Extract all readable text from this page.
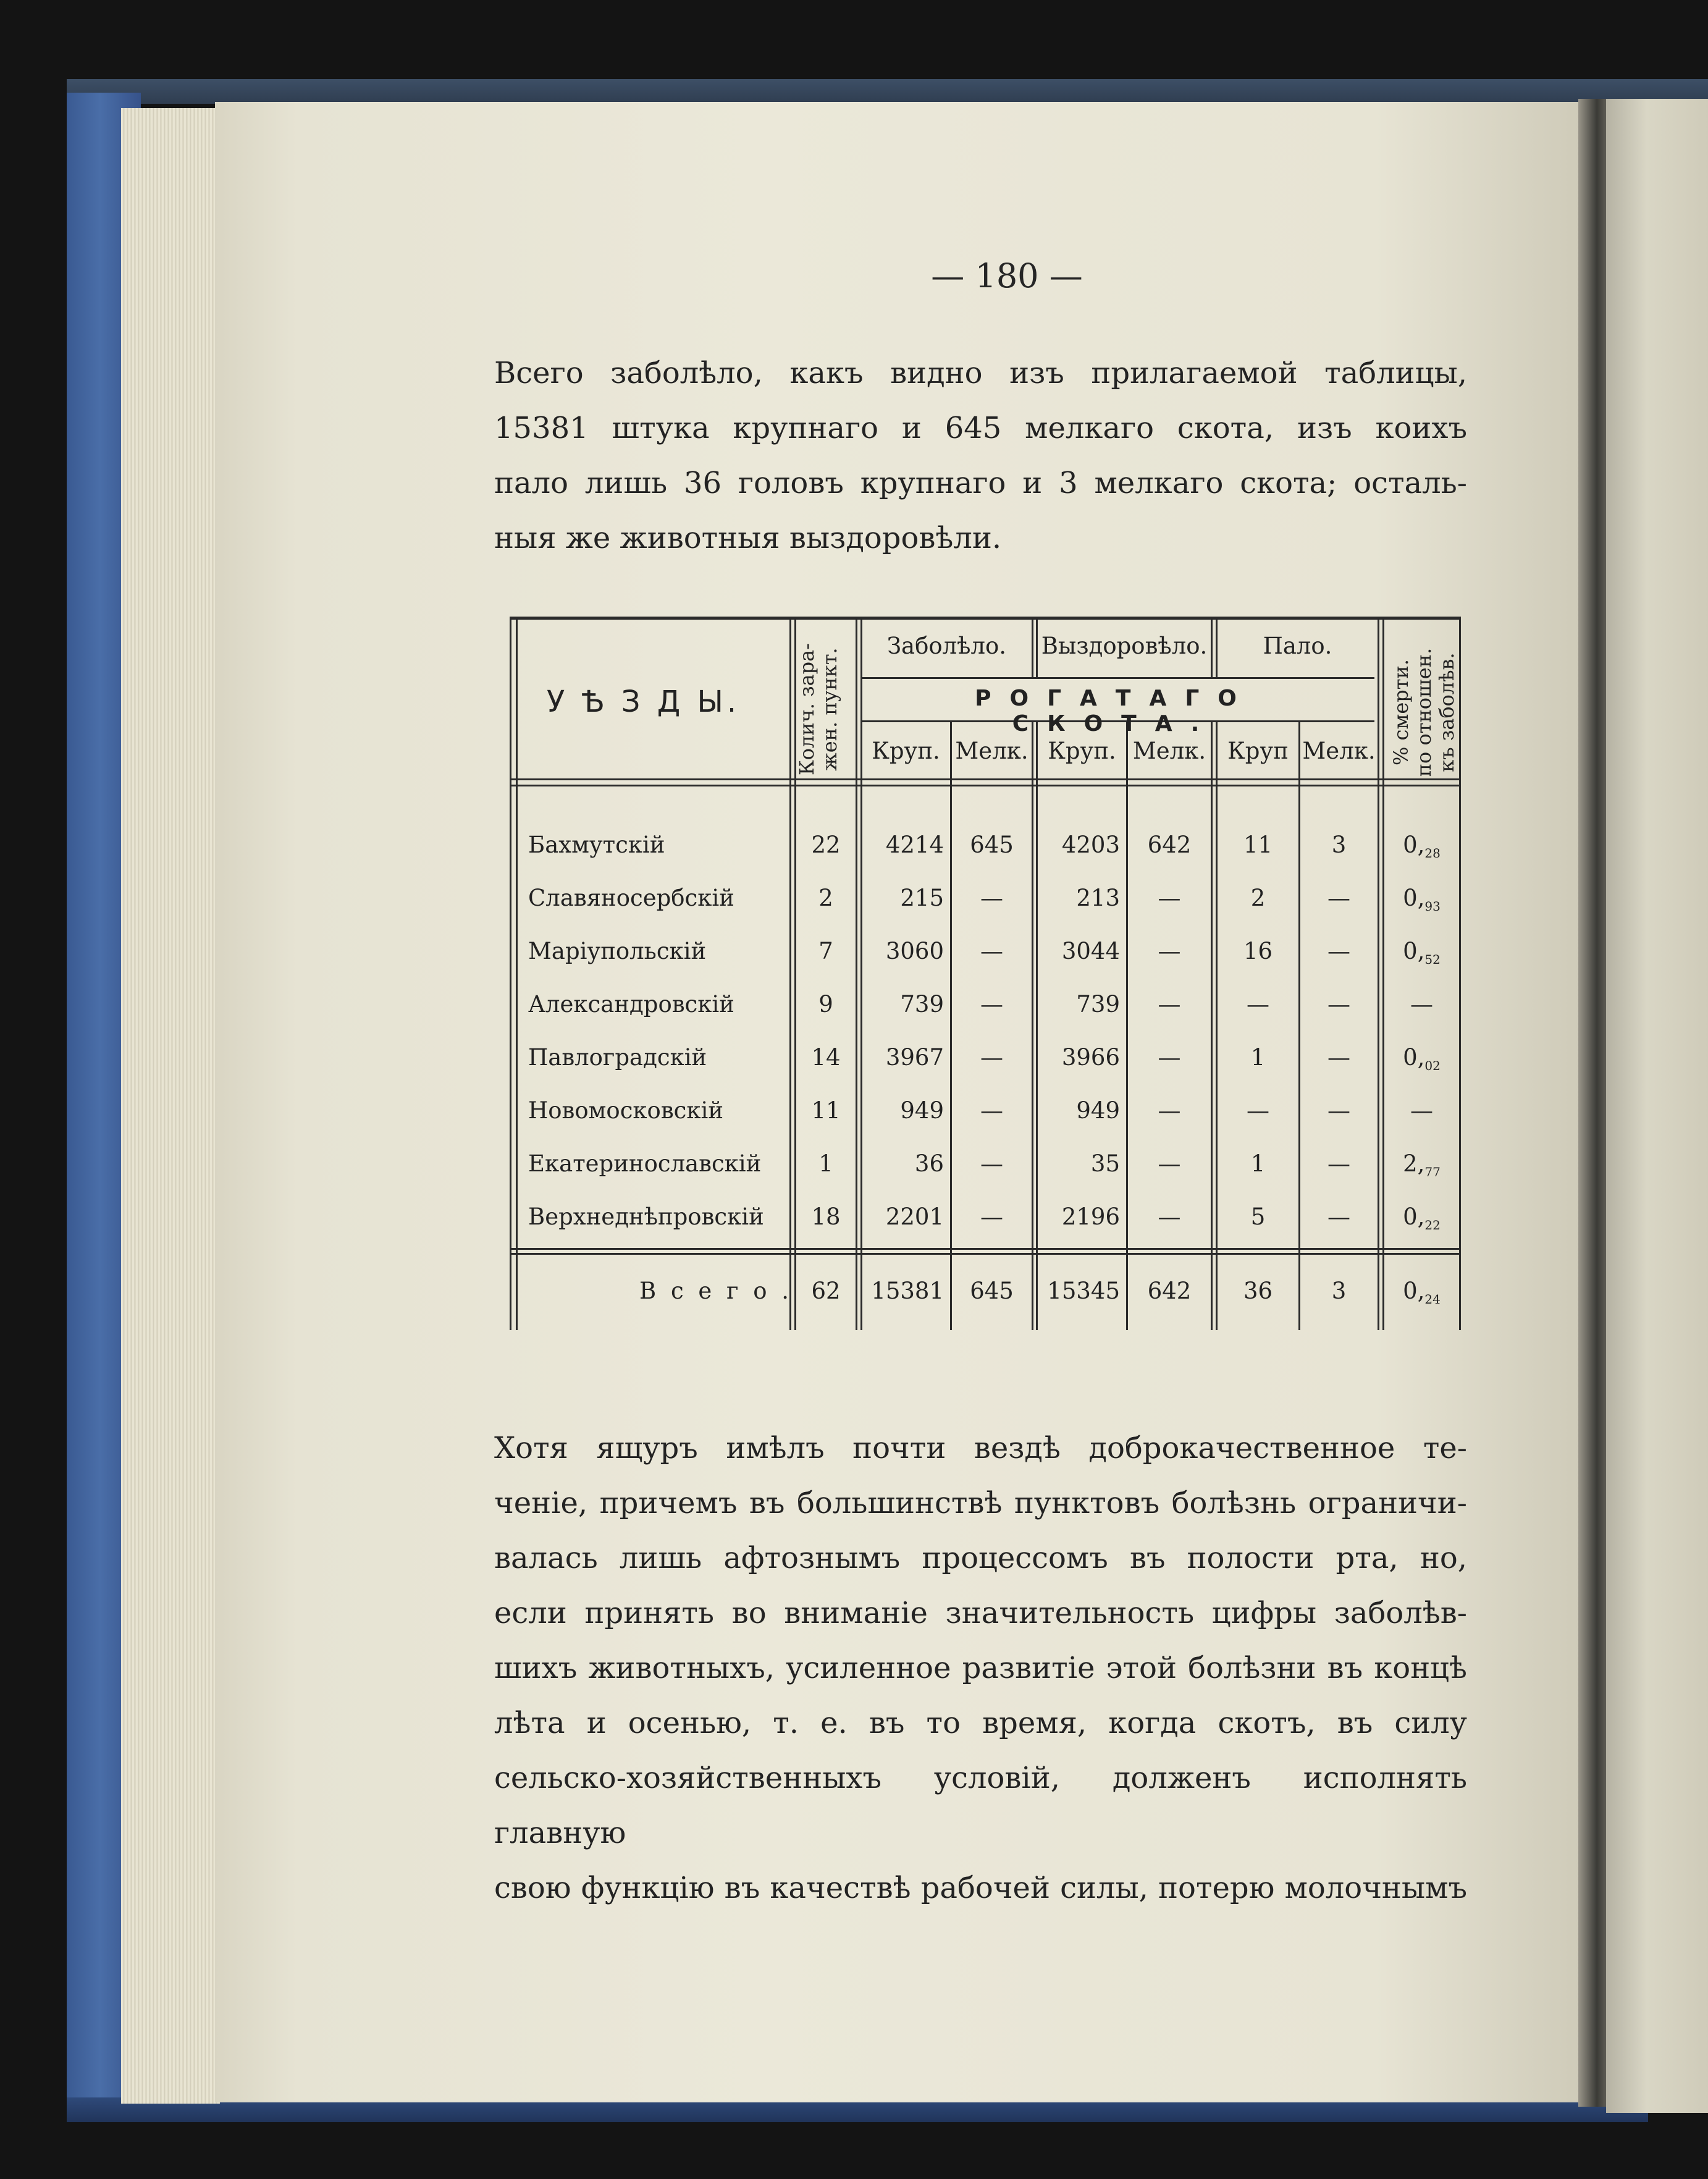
— 180 —
Всего заболѣло, какъ видно изъ прилагаемой таблицы,
15381 штука крупнаго и 645 мелкаго скота, изъ коихъ
пало лишь 36 головъ крупнаго и 3 мелкаго скота; осталь-
ныя же животныя выздоровѣли.
У Ѣ З Д Ы.
Колич. зара-
жен. пункт.
Заболѣло.	Выздоровѣло.	Пало.
% смерти.
по отношен.
къ заболѣв.
РОГАТАГО СКОТА.
Круп. Мелк. Круп. Мелк. Круп Мелк.
Бахмутскій	22	4214	645	4203	642	11	3	$0,_{28}$
Славяносербскій	2	215	—	213	—	2	—	$0,_{93}$
Маріупольскій	7	3060	—	3044	—	16	—	$0,_{52}$
Александровскій	9	739	—	739	—	—	—	—
Павлоградскій	14	3967	—	3966	—	1	—	$0,_{02}$
Новомосковскій	11	949	—	949	—	—	—	—
Екатеринославскій	1	36	—	35	—	1	—	$2,_{77}$
Верхнеднѣпровскій	18	2201	—	2196	—	5	—	$0,_{22}$
В с е г о . 62	15381	645	15345	642	36	3	$0,_{24}$
Хотя ящуръ имѣлъ почти вездѣ доброкачественное те-
ченіе, причемъ въ большинствѣ пунктовъ болѣзнь ограничи-
валась лишь афтознымъ процессомъ въ полости рта, но,
если принять во вниманіе значительность цифры заболѣв-
шихъ животныхъ, усиленное развитіе этой болѣзни въ концѣ
лѣта и осенью, т. е. въ то время, когда скотъ, въ силу
сельско-хозяйственныхъ условій, долженъ исполнять главную
свою функцію въ качествѣ рабочей силы, потерю молочнымъ
